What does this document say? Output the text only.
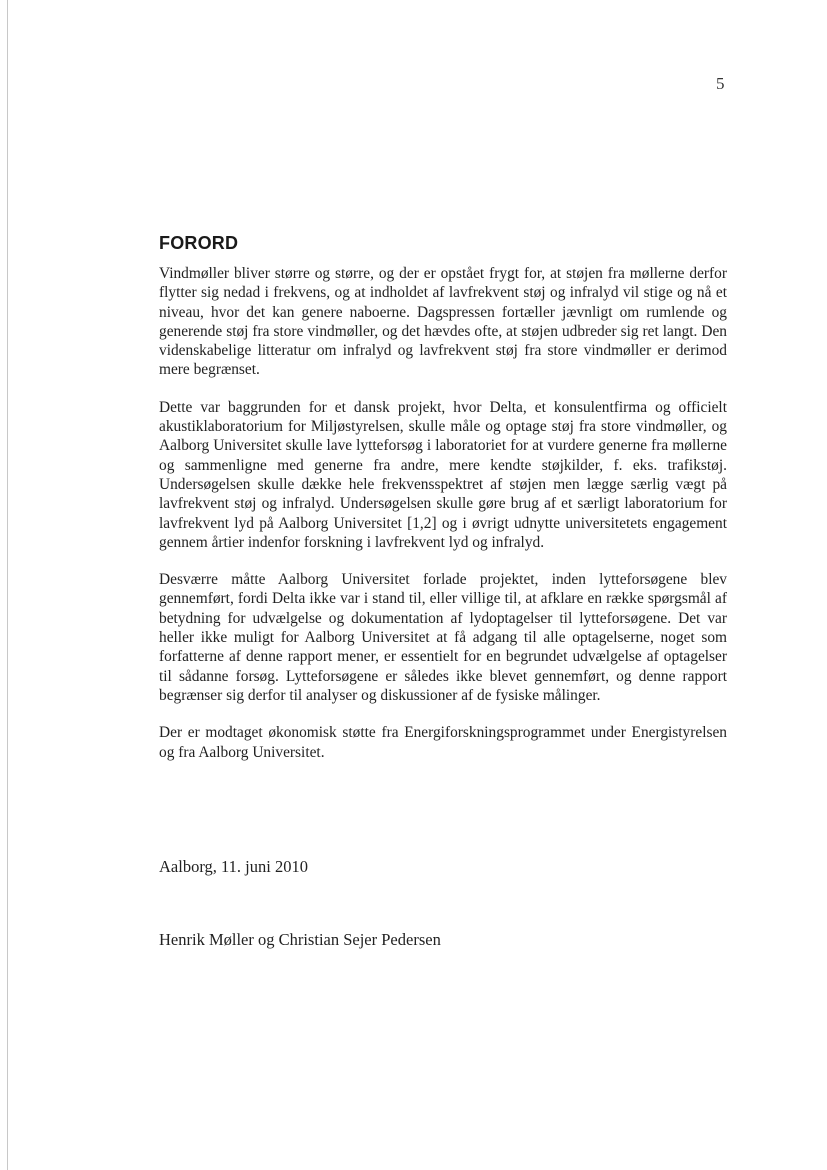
5
FORORD

Vindmøller bliver større og større, og der er opstået frygt for, at støjen fra møllerne derfor flytter sig nedad i frekvens, og at indholdet af lavfrekvent støj og infralyd vil stige og nå et niveau, hvor det kan genere naboerne. Dagspressen fortæller jævnligt om rumlende og generende støj fra store vindmøller, og det hævdes ofte, at støjen udbreder sig ret langt. Den videnskabelige litteratur om infralyd og lavfrekvent støj fra store vindmøller er derimod mere begrænset.

Dette var baggrunden for et dansk projekt, hvor Delta, et konsulentfirma og officielt akustiklaboratorium for Miljøstyrelsen, skulle måle og optage støj fra store vindmøller, og Aalborg Universitet skulle lave lytteforsøg i laboratoriet for at vurdere generne fra møllerne og sammenligne med generne fra andre, mere kendte støjkilder, f. eks. trafikstøj. Undersøgelsen skulle dække hele frekvensspektret af støjen men lægge særlig vægt på lavfrekvent støj og infralyd. Undersøgelsen skulle gøre brug af et særligt laboratorium for lavfrekvent lyd på Aalborg Universitet [1,2] og i øvrigt udnytte universitetets engagement gennem årtier indenfor forskning i lavfrekvent lyd og infralyd.

Desværre måtte Aalborg Universitet forlade projektet, inden lytteforsøgene blev gennemført, fordi Delta ikke var i stand til, eller villige til, at afklare en række spørgsmål af betydning for udvælgelse og dokumentation af lydoptagelser til lytteforsøgene. Det var heller ikke muligt for Aalborg Universitet at få adgang til alle optagelserne, noget som forfatterne af denne rapport mener, er essentielt for en begrundet udvælgelse af optagelser til sådanne forsøg. Lytteforsøgene er således ikke blevet gennemført, og denne rapport begrænser sig derfor til analyser og diskussioner af de fysiske målinger.

Der er modtaget økonomisk støtte fra Energiforskningsprogrammet under Energistyrelsen og fra Aalborg Universitet.

Aalborg, 11. juni 2010

Henrik Møller og Christian Sejer Pedersen
